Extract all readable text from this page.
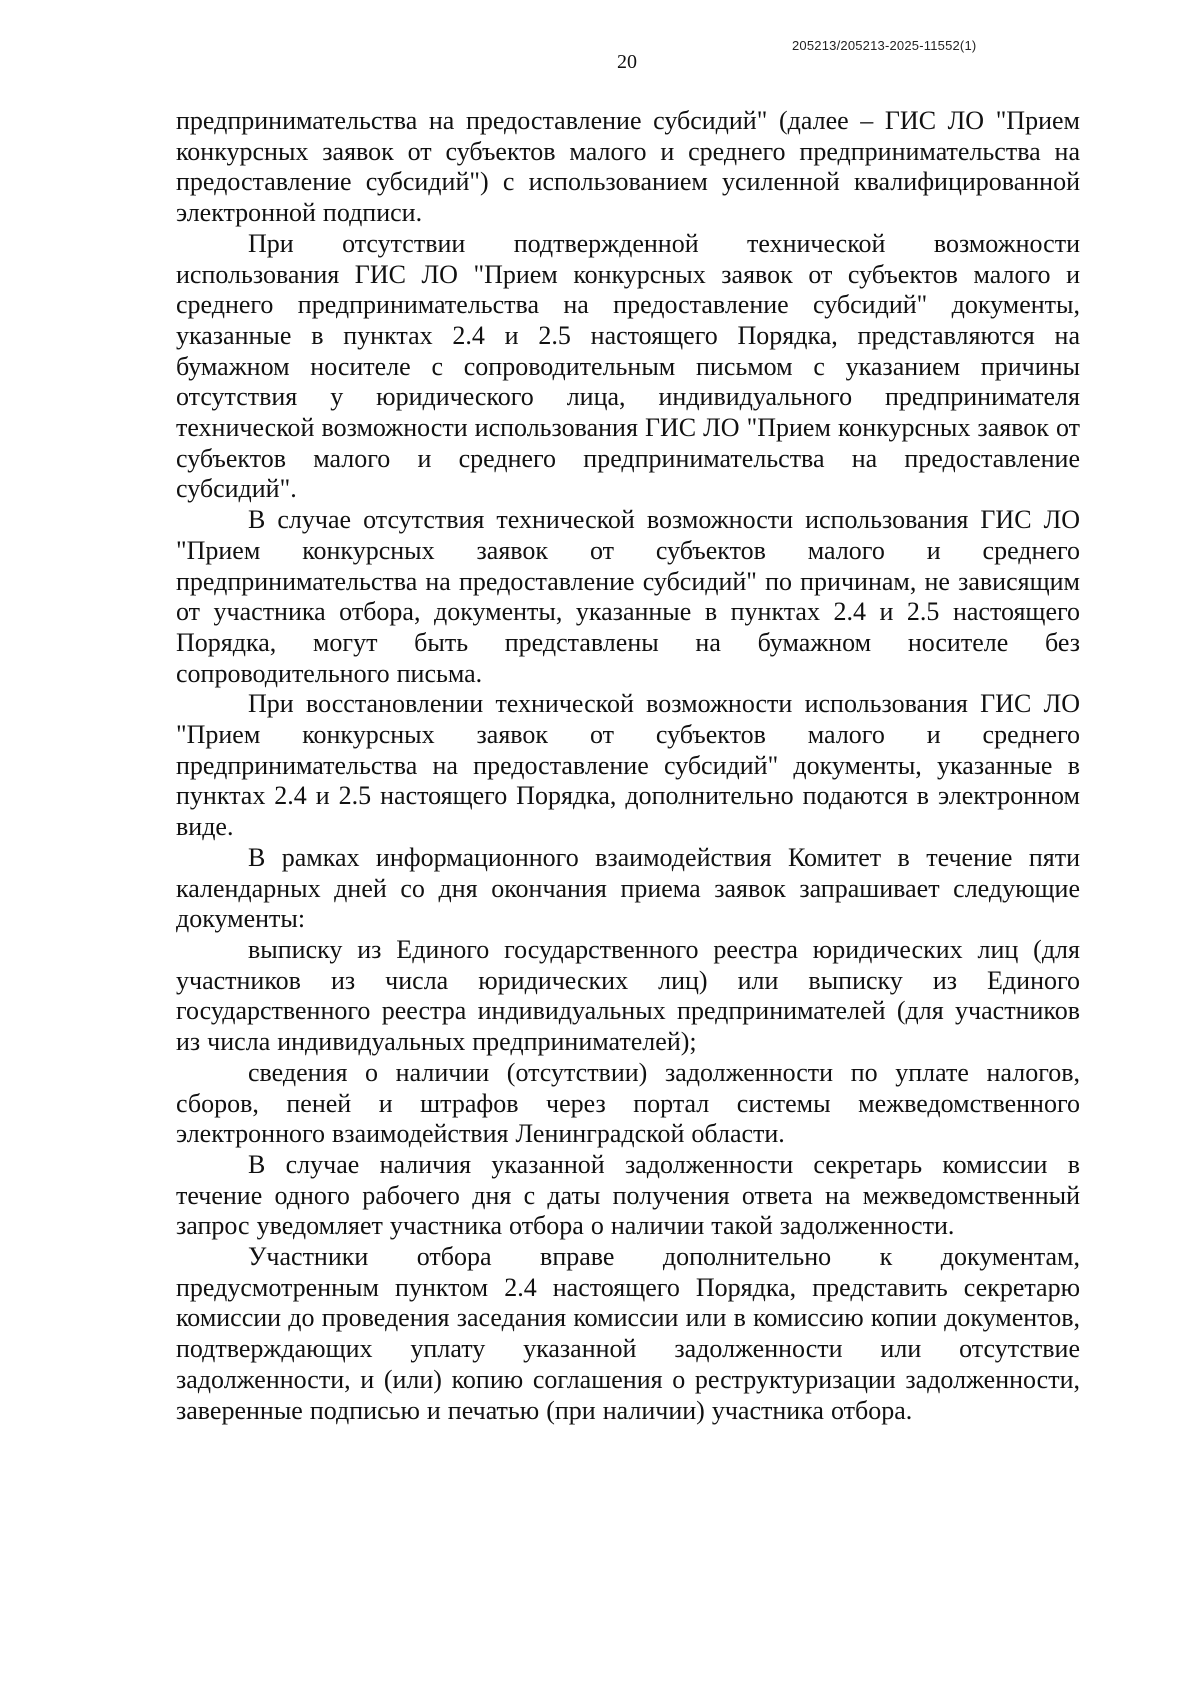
205213/205213-2025-11552(1)
20

предпринимательства на предоставление субсидий" (далее – ГИС ЛО "Прием конкурсных заявок от субъектов малого и среднего предпринимательства на предоставление субсидий") с использованием усиленной квалифицированной электронной подписи.

При отсутствии подтвержденной технической возможности использования ГИС ЛО "Прием конкурсных заявок от субъектов малого и среднего предпринимательства на предоставление субсидий" документы, указанные в пунктах 2.4 и 2.5 настоящего Порядка, представляются на бумажном носителе с сопроводительным письмом с указанием причины отсутствия у юридического лица, индивидуального предпринимателя технической возможности использования ГИС ЛО "Прием конкурсных заявок от субъектов малого и среднего предпринимательства на предоставление субсидий".

В случае отсутствия технической возможности использования ГИС ЛО "Прием конкурсных заявок от субъектов малого и среднего предпринимательства на предоставление субсидий" по причинам, не зависящим от участника отбора, документы, указанные в пунктах 2.4 и 2.5 настоящего Порядка, могут быть представлены на бумажном носителе без сопроводительного письма.

При восстановлении технической возможности использования ГИС ЛО "Прием конкурсных заявок от субъектов малого и среднего предпринимательства на предоставление субсидий" документы, указанные в пунктах 2.4 и 2.5 настоящего Порядка, дополнительно подаются в электронном виде.

В рамках информационного взаимодействия Комитет в течение пяти календарных дней со дня окончания приема заявок запрашивает следующие документы:

выписку из Единого государственного реестра юридических лиц (для участников из числа юридических лиц) или выписку из Единого государственного реестра индивидуальных предпринимателей (для участников из числа индивидуальных предпринимателей);

сведения о наличии (отсутствии) задолженности по уплате налогов, сборов, пеней и штрафов через портал системы межведомственного электронного взаимодействия Ленинградской области.

В случае наличия указанной задолженности секретарь комиссии в течение одного рабочего дня с даты получения ответа на межведомственный запрос уведомляет участника отбора о наличии такой задолженности.

Участники отбора вправе дополнительно к документам, предусмотренным пунктом 2.4 настоящего Порядка, представить секретарю комиссии до проведения заседания комиссии или в комиссию копии документов, подтверждающих уплату указанной задолженности или отсутствие задолженности, и (или) копию соглашения о реструктуризации задолженности, заверенные подписью и печатью (при наличии) участника отбора.
